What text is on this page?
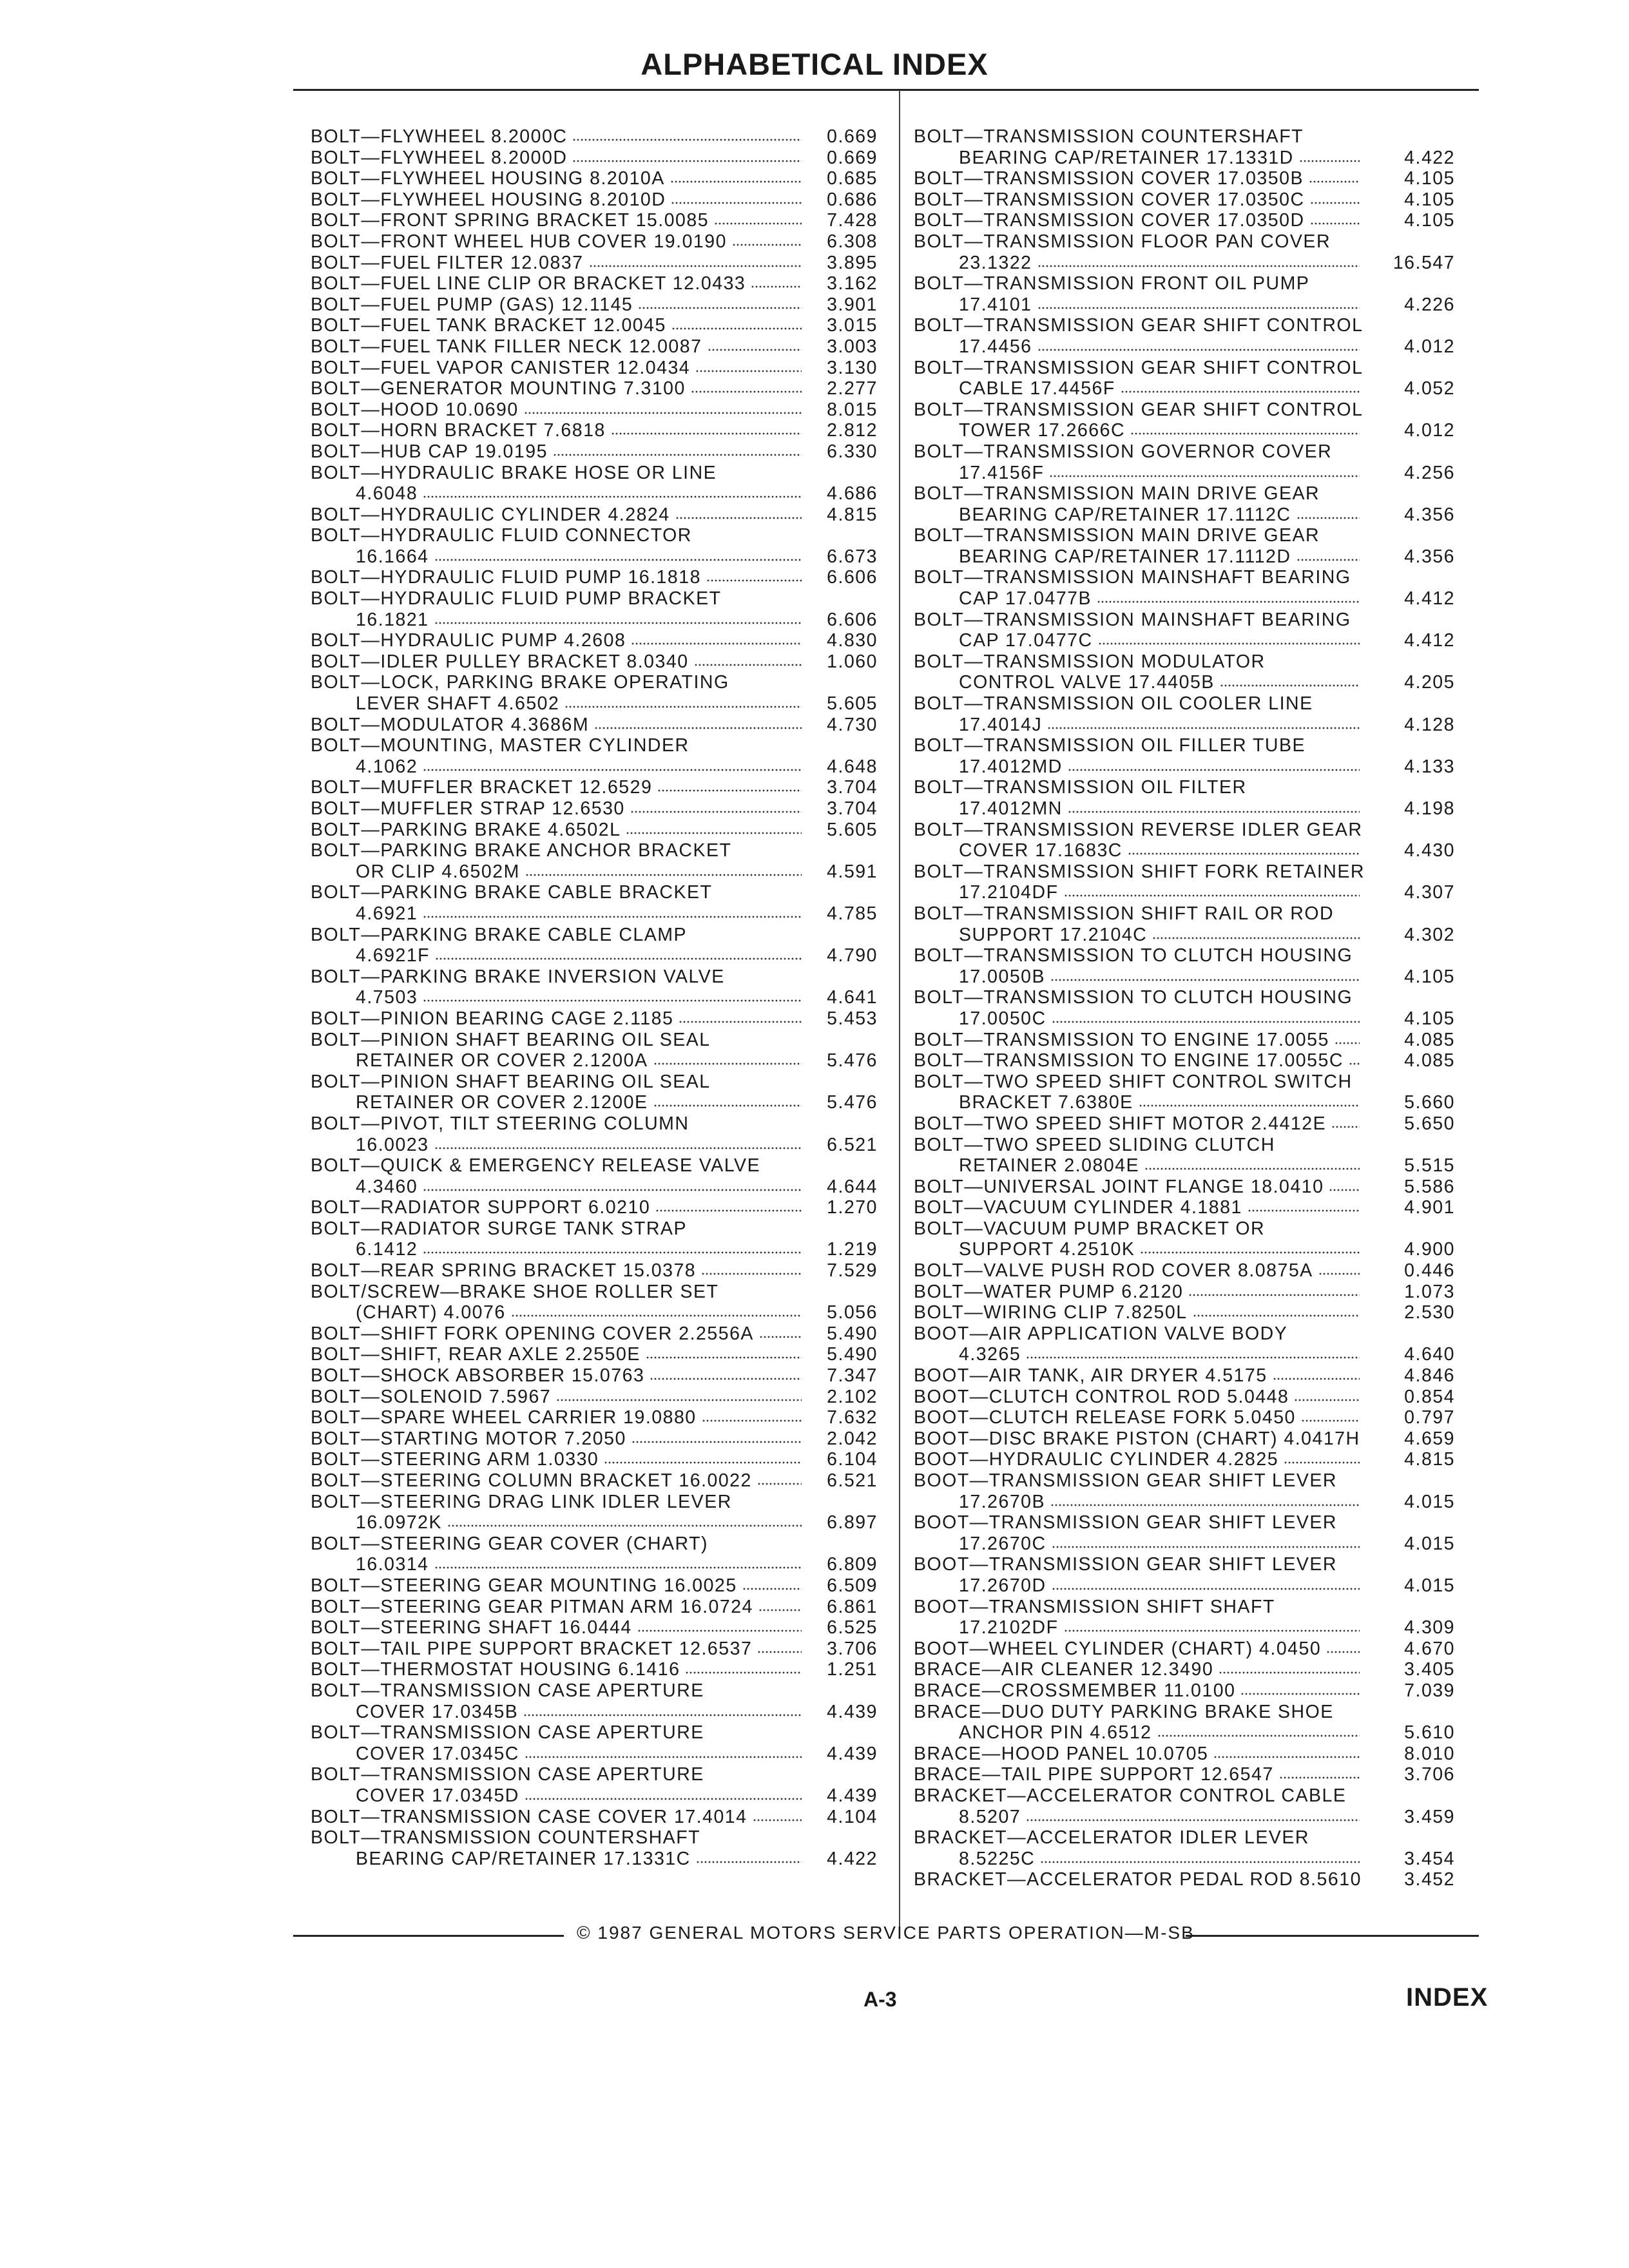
ALPHABETICAL INDEX
BOLT—FLYWHEEL 8.2000C	0.669
BOLT—FLYWHEEL 8.2000D	0.669
BOLT—FLYWHEEL HOUSING 8.2010A	0.685
BOLT—FLYWHEEL HOUSING 8.2010D	0.686
BOLT—FRONT SPRING BRACKET 15.0085	7.428
BOLT—FRONT WHEEL HUB COVER 19.0190	6.308
BOLT—FUEL FILTER 12.0837	3.895
BOLT—FUEL LINE CLIP OR BRACKET 12.0433	3.162
BOLT—FUEL PUMP (GAS) 12.1145	3.901
BOLT—FUEL TANK BRACKET 12.0045	3.015
BOLT—FUEL TANK FILLER NECK 12.0087	3.003
BOLT—FUEL VAPOR CANISTER 12.0434	3.130
BOLT—GENERATOR MOUNTING 7.3100	2.277
BOLT—HOOD 10.0690	8.015
BOLT—HORN BRACKET 7.6818	2.812
BOLT—HUB CAP 19.0195	6.330
BOLT—HYDRAULIC BRAKE HOSE OR LINE
4.6048	4.686
BOLT—HYDRAULIC CYLINDER 4.2824	4.815
BOLT—HYDRAULIC FLUID CONNECTOR
16.1664	6.673
BOLT—HYDRAULIC FLUID PUMP 16.1818	6.606
BOLT—HYDRAULIC FLUID PUMP BRACKET
16.1821	6.606
BOLT—HYDRAULIC PUMP 4.2608	4.830
BOLT—IDLER PULLEY BRACKET 8.0340	1.060
BOLT—LOCK, PARKING BRAKE OPERATING
LEVER SHAFT 4.6502	5.605
BOLT—MODULATOR 4.3686M	4.730
BOLT—MOUNTING, MASTER CYLINDER
4.1062	4.648
BOLT—MUFFLER BRACKET 12.6529	3.704
BOLT—MUFFLER STRAP 12.6530	3.704
BOLT—PARKING BRAKE 4.6502L	5.605
BOLT—PARKING BRAKE ANCHOR BRACKET
OR CLIP 4.6502M	4.591
BOLT—PARKING BRAKE CABLE BRACKET
4.6921	4.785
BOLT—PARKING BRAKE CABLE CLAMP
4.6921F	4.790
BOLT—PARKING BRAKE INVERSION VALVE
4.7503	4.641
BOLT—PINION BEARING CAGE 2.1185	5.453
BOLT—PINION SHAFT BEARING OIL SEAL
RETAINER OR COVER 2.1200A	5.476
BOLT—PINION SHAFT BEARING OIL SEAL
RETAINER OR COVER 2.1200E	5.476
BOLT—PIVOT, TILT STEERING COLUMN
16.0023	6.521
BOLT—QUICK & EMERGENCY RELEASE VALVE
4.3460	4.644
BOLT—RADIATOR SUPPORT 6.0210	1.270
BOLT—RADIATOR SURGE TANK STRAP
6.1412	1.219
BOLT—REAR SPRING BRACKET 15.0378	7.529
BOLT/SCREW—BRAKE SHOE ROLLER SET
(CHART) 4.0076	5.056
BOLT—SHIFT FORK OPENING COVER 2.2556A	5.490
BOLT—SHIFT, REAR AXLE 2.2550E	5.490
BOLT—SHOCK ABSORBER 15.0763	7.347
BOLT—SOLENOID 7.5967	2.102
BOLT—SPARE WHEEL CARRIER 19.0880	7.632
BOLT—STARTING MOTOR 7.2050	2.042
BOLT—STEERING ARM 1.0330	6.104
BOLT—STEERING COLUMN BRACKET 16.0022	6.521
BOLT—STEERING DRAG LINK IDLER LEVER
16.0972K	6.897
BOLT—STEERING GEAR COVER (CHART)
16.0314	6.809
BOLT—STEERING GEAR MOUNTING 16.0025	6.509
BOLT—STEERING GEAR PITMAN ARM 16.0724	6.861
BOLT—STEERING SHAFT 16.0444	6.525
BOLT—TAIL PIPE SUPPORT BRACKET 12.6537	3.706
BOLT—THERMOSTAT HOUSING 6.1416	1.251
BOLT—TRANSMISSION CASE APERTURE
COVER 17.0345B	4.439
BOLT—TRANSMISSION CASE APERTURE
COVER 17.0345C	4.439
BOLT—TRANSMISSION CASE APERTURE
COVER 17.0345D	4.439
BOLT—TRANSMISSION CASE COVER 17.4014	4.104
BOLT—TRANSMISSION COUNTERSHAFT
BEARING CAP/RETAINER 17.1331C	4.422
BOLT—TRANSMISSION COUNTERSHAFT
BEARING CAP/RETAINER 17.1331D	4.422
BOLT—TRANSMISSION COVER 17.0350B	4.105
BOLT—TRANSMISSION COVER 17.0350C	4.105
BOLT—TRANSMISSION COVER 17.0350D	4.105
BOLT—TRANSMISSION FLOOR PAN COVER
23.1322	16.547
BOLT—TRANSMISSION FRONT OIL PUMP
17.4101	4.226
BOLT—TRANSMISSION GEAR SHIFT CONTROL
17.4456	4.012
BOLT—TRANSMISSION GEAR SHIFT CONTROL
CABLE 17.4456F	4.052
BOLT—TRANSMISSION GEAR SHIFT CONTROL
TOWER 17.2666C	4.012
BOLT—TRANSMISSION GOVERNOR COVER
17.4156F	4.256
BOLT—TRANSMISSION MAIN DRIVE GEAR
BEARING CAP/RETAINER 17.1112C	4.356
BOLT—TRANSMISSION MAIN DRIVE GEAR
BEARING CAP/RETAINER 17.1112D	4.356
BOLT—TRANSMISSION MAINSHAFT BEARING
CAP 17.0477B	4.412
BOLT—TRANSMISSION MAINSHAFT BEARING
CAP 17.0477C	4.412
BOLT—TRANSMISSION MODULATOR
CONTROL VALVE 17.4405B	4.205
BOLT—TRANSMISSION OIL COOLER LINE
17.4014J	4.128
BOLT—TRANSMISSION OIL FILLER TUBE
17.4012MD	4.133
BOLT—TRANSMISSION OIL FILTER
17.4012MN	4.198
BOLT—TRANSMISSION REVERSE IDLER GEAR
COVER 17.1683C	4.430
BOLT—TRANSMISSION SHIFT FORK RETAINER
17.2104DF	4.307
BOLT—TRANSMISSION SHIFT RAIL OR ROD
SUPPORT 17.2104C	4.302
BOLT—TRANSMISSION TO CLUTCH HOUSING
17.0050B	4.105
BOLT—TRANSMISSION TO CLUTCH HOUSING
17.0050C	4.105
BOLT—TRANSMISSION TO ENGINE 17.0055	4.085
BOLT—TRANSMISSION TO ENGINE 17.0055C	4.085
BOLT—TWO SPEED SHIFT CONTROL SWITCH
BRACKET 7.6380E	5.660
BOLT—TWO SPEED SHIFT MOTOR 2.4412E	5.650
BOLT—TWO SPEED SLIDING CLUTCH
RETAINER 2.0804E	5.515
BOLT—UNIVERSAL JOINT FLANGE 18.0410	5.586
BOLT—VACUUM CYLINDER 4.1881	4.901
BOLT—VACUUM PUMP BRACKET OR
SUPPORT 4.2510K	4.900
BOLT—VALVE PUSH ROD COVER 8.0875A	0.446
BOLT—WATER PUMP 6.2120	1.073
BOLT—WIRING CLIP 7.8250L	2.530
BOOT—AIR APPLICATION VALVE BODY
4.3265	4.640
BOOT—AIR TANK, AIR DRYER 4.5175	4.846
BOOT—CLUTCH CONTROL ROD 5.0448	0.854
BOOT—CLUTCH RELEASE FORK 5.0450	0.797
BOOT—DISC BRAKE PISTON (CHART) 4.0417H	4.659
BOOT—HYDRAULIC CYLINDER 4.2825	4.815
BOOT—TRANSMISSION GEAR SHIFT LEVER
17.2670B	4.015
BOOT—TRANSMISSION GEAR SHIFT LEVER
17.2670C	4.015
BOOT—TRANSMISSION GEAR SHIFT LEVER
17.2670D	4.015
BOOT—TRANSMISSION SHIFT SHAFT
17.2102DF	4.309
BOOT—WHEEL CYLINDER (CHART) 4.0450	4.670
BRACE—AIR CLEANER 12.3490	3.405
BRACE—CROSSMEMBER 11.0100	7.039
BRACE—DUO DUTY PARKING BRAKE SHOE
ANCHOR PIN 4.6512	5.610
BRACE—HOOD PANEL 10.0705	8.010
BRACE—TAIL PIPE SUPPORT 12.6547	3.706
BRACKET—ACCELERATOR CONTROL CABLE
8.5207	3.459
BRACKET—ACCELERATOR IDLER LEVER
8.5225C	3.454
BRACKET—ACCELERATOR PEDAL ROD 8.5610	3.452
© 1987 GENERAL MOTORS SERVICE PARTS OPERATION—M-SB
A-3	INDEX
